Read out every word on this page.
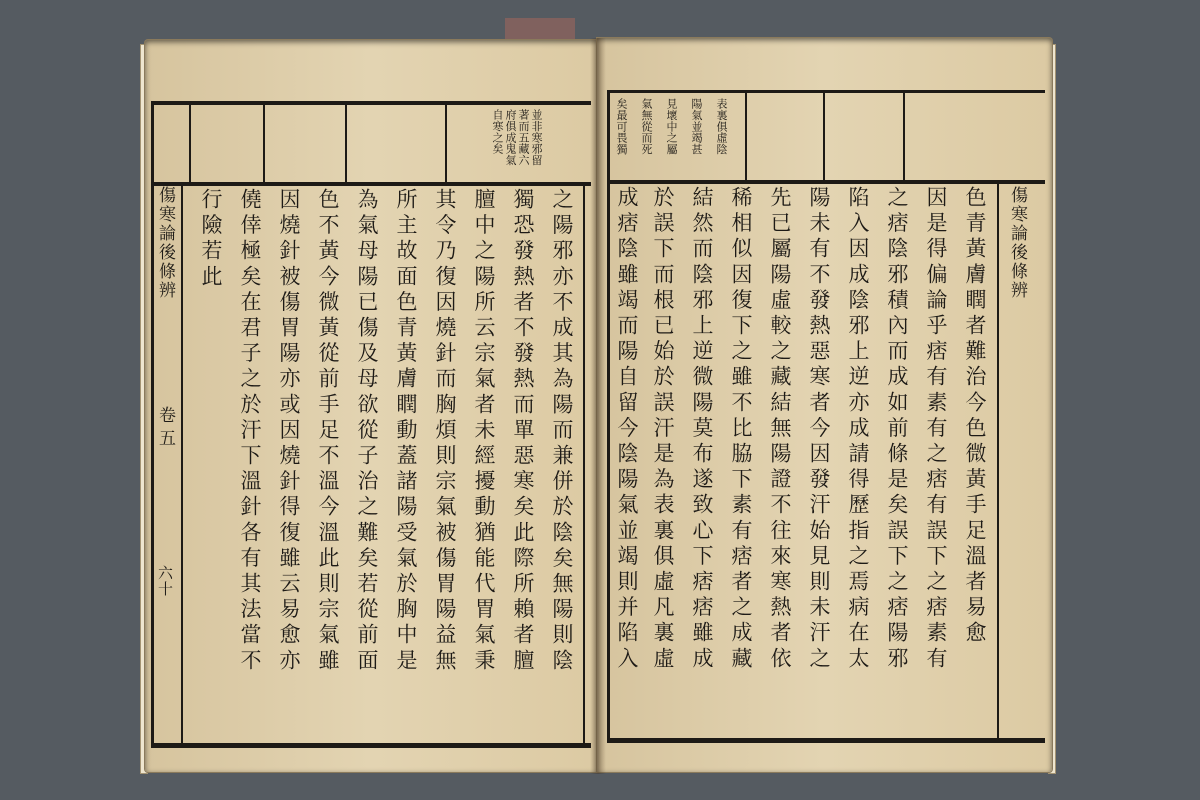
自寒之矣 府俱成鬼氣 著而五藏六 並非寒邪留
傷寒論後條辨
卷五
六十	之陽邪亦不成其為陽而兼併於陰矣無陽則陰
獨恐發熱者不發熱而單惡寒矣此際所賴者膻
膻中之陽所云宗氣者未經擾動猶能代胃氣秉
其令乃復因燒針而胸煩則宗氣被傷胃陽益無
所主故面色青黃膚瞤動蓋諸陽受氣於胸中是
為氣母陽已傷及母欲從子治之難矣若從前面
色不黃今微黃從前手足不溫今溫此則宗氣雖
因燒針被傷胃陽亦或因燒針得復雖云易愈亦
僥倖極矣在君子之於汗下溫針各有其法當不
行險若此
矣最可畏獨 氣無從而死 見壞中之屬 陽氣並竭甚 表裏俱虛陰
傷寒論後條辨
色青黃膚瞤者難治今色微黃手足溫者易愈
因是得偏論乎痞有素有之痞有誤下之痞素有
之痞陰邪積內而成如前條是矣誤下之痞陽邪
陷入因成陰邪上逆亦成請得歷指之焉病在太
陽未有不發熱惡寒者今因發汗始見則未汗之
先已屬陽虛較之藏結無陽證不往來寒熱者依
稀相似因復下之雖不比脇下素有痞者之成藏
結然而陰邪上逆微陽莫布遂致心下痞痞雖成
於誤下而根已始於誤汗是為表裏俱虛凡裏虛
成痞陰雖竭而陽自留今陰陽氣並竭則并陷入
